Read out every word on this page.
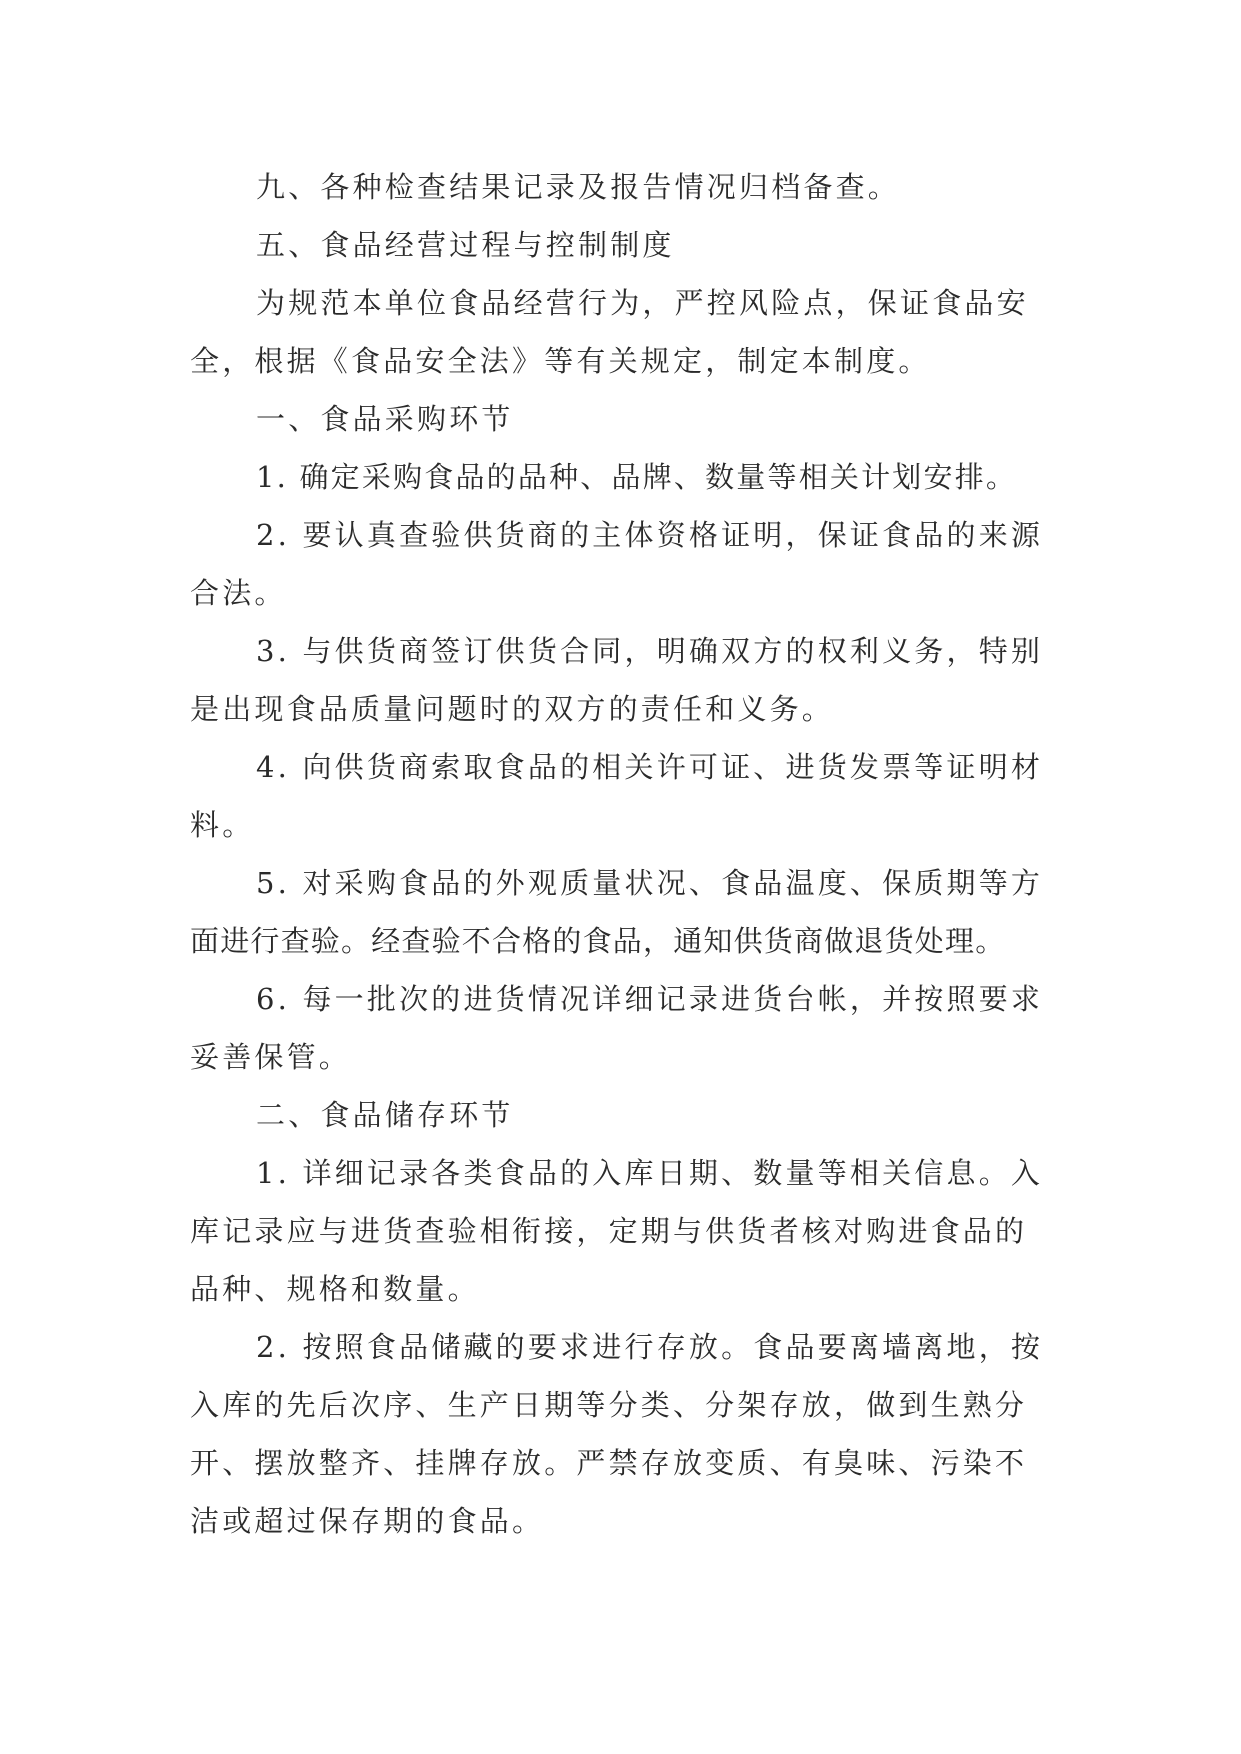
九、各种检查结果记录及报告情况归档备查。
五、食品经营过程与控制制度
为规范本单位食品经营行为，严控风险点，保证食品安
全，根据《食品安全法》等有关规定，制定本制度。
一、食品采购环节
1. 确定采购食品的品种、品牌、数量等相关计划安排。
2. 要认真查验供货商的主体资格证明，保证食品的来源
合法。
3. 与供货商签订供货合同，明确双方的权利义务，特别
是出现食品质量问题时的双方的责任和义务。
4. 向供货商索取食品的相关许可证、进货发票等证明材
料。
5. 对采购食品的外观质量状况、食品温度、保质期等方
面进行查验。经查验不合格的食品，通知供货商做退货处理。
6. 每一批次的进货情况详细记录进货台帐，并按照要求
妥善保管。
二、食品储存环节
1. 详细记录各类食品的入库日期、数量等相关信息。入
库记录应与进货查验相衔接，定期与供货者核对购进食品的
品种、规格和数量。
2. 按照食品储藏的要求进行存放。食品要离墙离地，按
入库的先后次序、生产日期等分类、分架存放，做到生熟分
开、摆放整齐、挂牌存放。严禁存放变质、有臭味、污染不
洁或超过保存期的食品。
